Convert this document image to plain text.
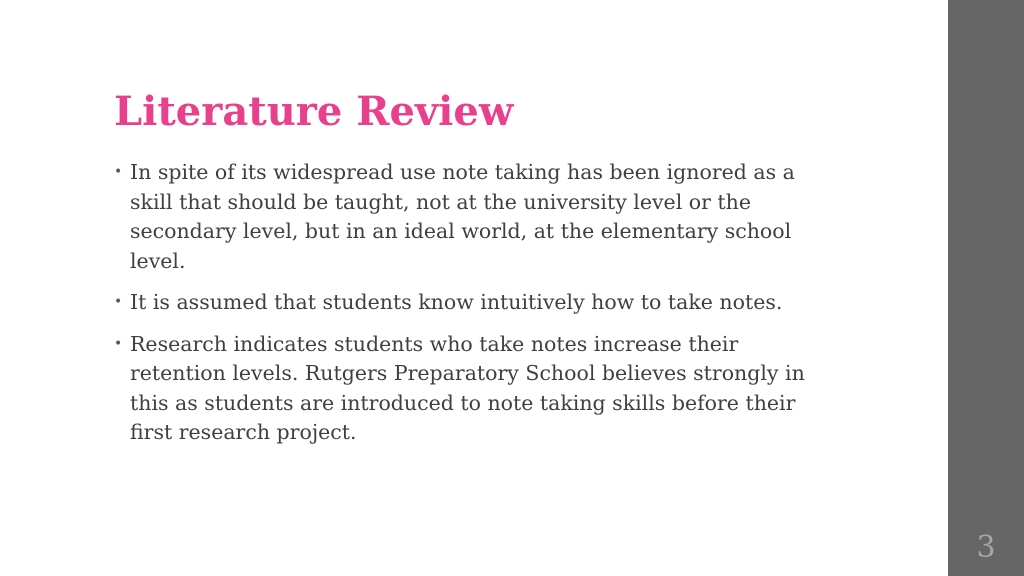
Literature Review
• In spite of its widespread use note taking has been ignored as a skill that should be taught, not at the university level or the secondary level, but in an ideal world, at the elementary school level.
• It is assumed that students know intuitively how to take notes.
• Research indicates students who take notes increase their retention levels. Rutgers Preparatory School believes strongly in this as students are introduced to note taking skills before their first research project.
3
